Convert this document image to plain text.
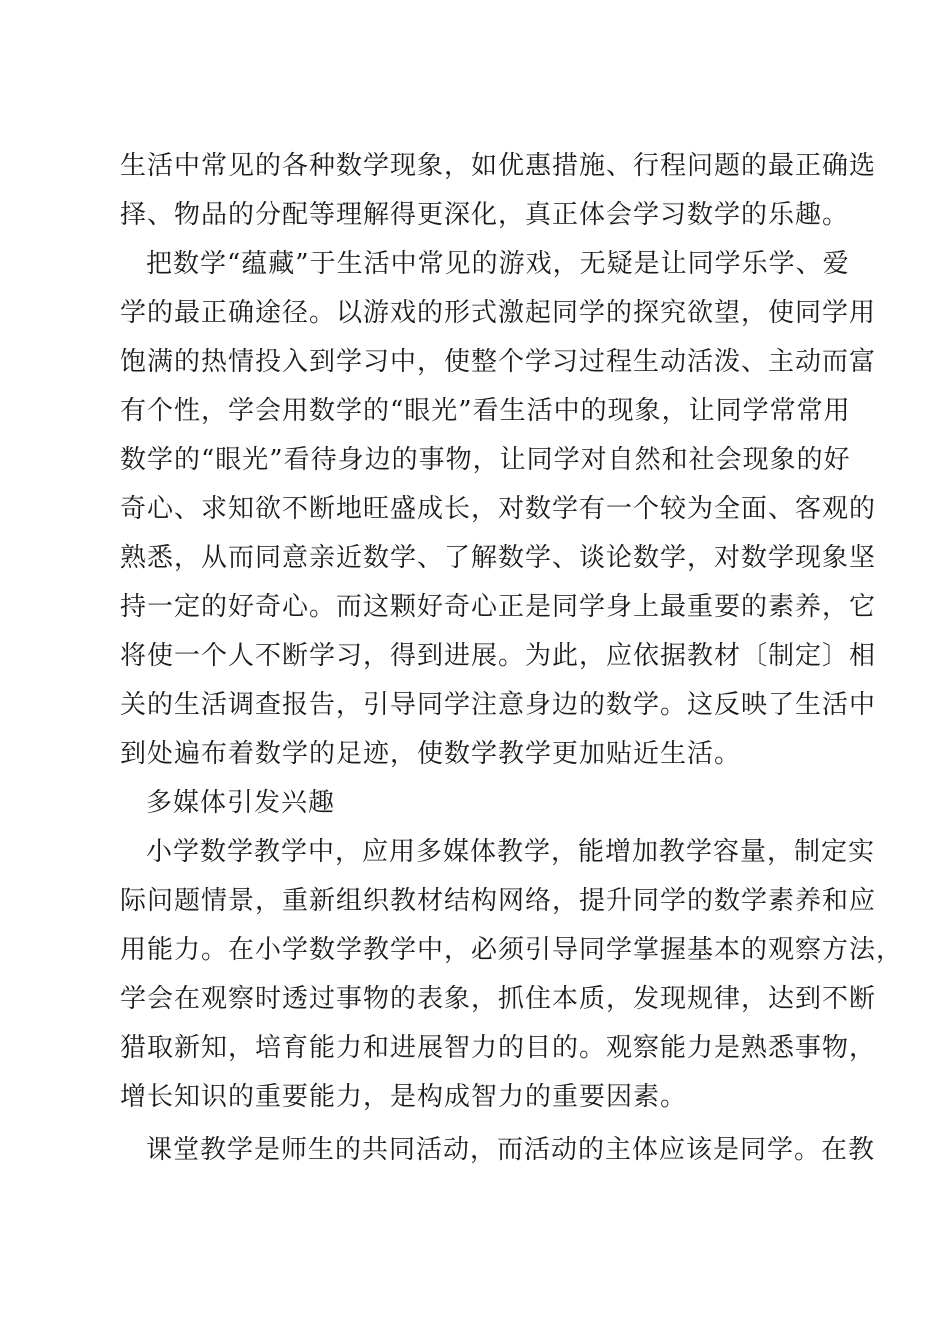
生活中常见的各种数学现象，如优惠措施、行程问题的最正确选
择、物品的分配等理解得更深化，真正体会学习数学的乐趣。
把数学“蕴藏”于生活中常见的游戏，无疑是让同学乐学、爱
学的最正确途径。以游戏的形式激起同学的探究欲望，使同学用
饱满的热情投入到学习中，使整个学习过程生动活泼、主动而富
有个性，学会用数学的“眼光”看生活中的现象，让同学常常用
数学的“眼光”看待身边的事物，让同学对自然和社会现象的好
奇心、求知欲不断地旺盛成长，对数学有一个较为全面、客观的
熟悉，从而同意亲近数学、了解数学、谈论数学，对数学现象坚
持一定的好奇心。而这颗好奇心正是同学身上最重要的素养，它
将使一个人不断学习，得到进展。为此，应依据教材〔制定〕相
关的生活调查报告，引导同学注意身边的数学。这反映了生活中
到处遍布着数学的足迹，使数学教学更加贴近生活。
多媒体引发兴趣
小学数学教学中，应用多媒体教学，能增加教学容量，制定实
际问题情景，重新组织教材结构网络，提升同学的数学素养和应
用能力。在小学数学教学中，必须引导同学掌握基本的观察方法，
学会在观察时透过事物的表象，抓住本质，发现规律，达到不断
猎取新知，培育能力和进展智力的目的。观察能力是熟悉事物，
增长知识的重要能力，是构成智力的重要因素。
课堂教学是师生的共同活动，而活动的主体应该是同学。在教
